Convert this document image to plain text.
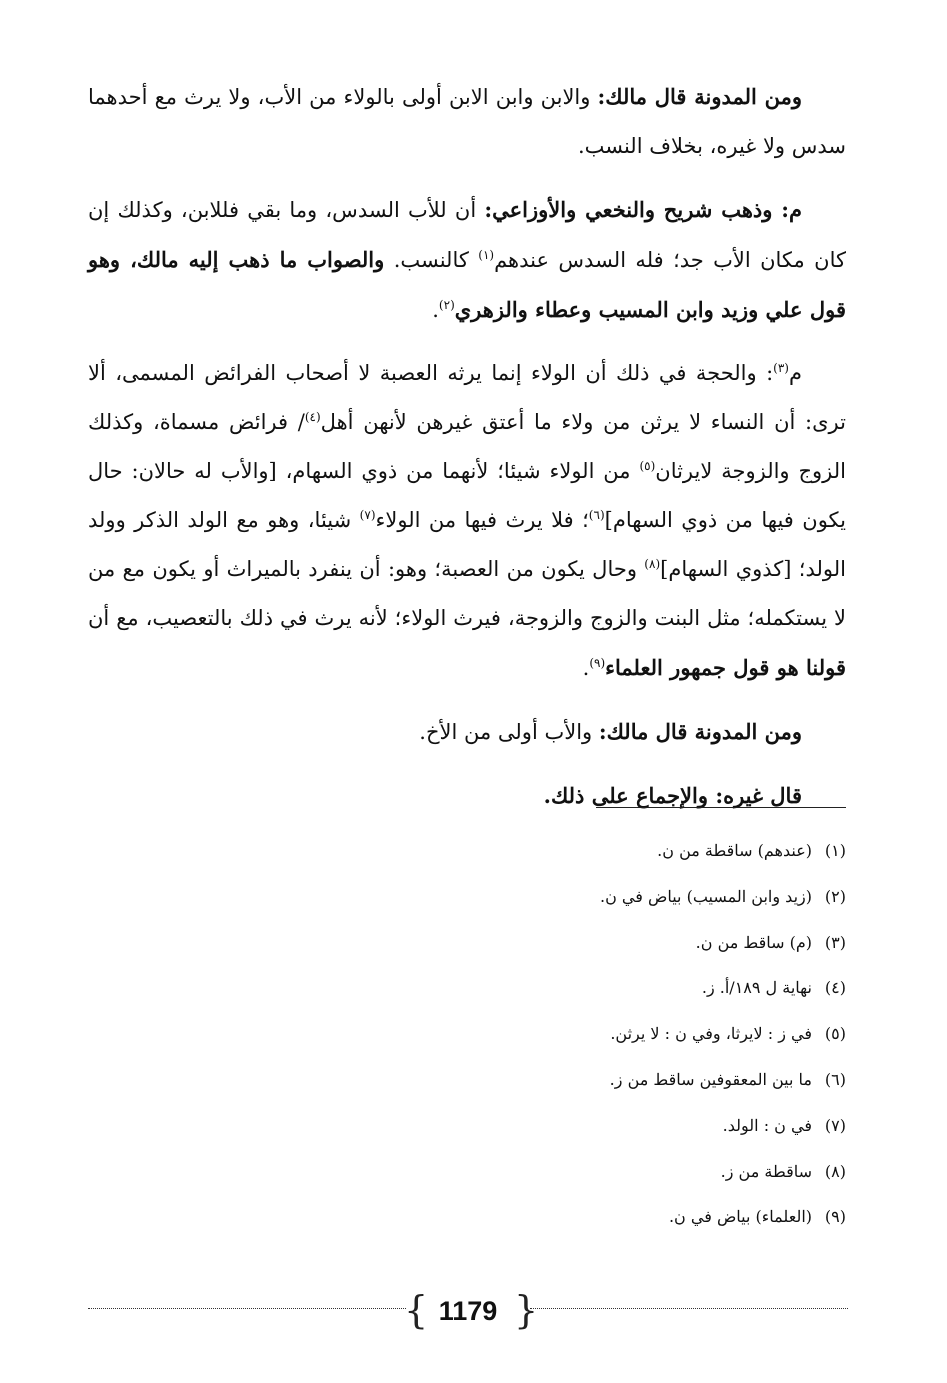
ومن المدونة قال مالك: والابن وابن الابن أولى بالولاء من الأب، ولا يرث مع أحدهما سدس ولا غيره، بخلاف النسب.

م: وذهب شريح والنخعي والأوزاعي: أن للأب السدس، وما بقي فللابن، وكذلك إن كان مكان الأب جد؛ فله السدس عندهم$^{(١)}$ كالنسب. والصواب ما ذهب إليه مالك، وهو قول علي وزيد وابن المسيب وعطاء والزهري$^{(٢)}$.

م$^{(٣)}$: والحجة في ذلك أن الولاء إنما يرثه العصبة لا أصحاب الفرائض المسمى، ألا ترى: أن النساء لا يرثن من ولاء ما أعتق غيرهن لأنهن أهل$^{(٤)}$/ فرائض مسماة، وكذلك الزوج والزوجة لايرثان$^{(٥)}$ من الولاء شيئا؛ لأنهما من ذوي السهام، [والأب له حالان: حال يكون فيها من ذوي السهام]$^{(٦)}$؛ فلا يرث فيها من الولاء$^{(٧)}$ شيئا، وهو مع الولد الذكر وولد الولد؛ [كذوي السهام]$^{(٨)}$ وحال يكون من العصبة؛ وهو: أن ينفرد بالميراث أو يكون مع من لا يستكمله؛ مثل البنت والزوج والزوجة، فيرث الولاء؛ لأنه يرث في ذلك بالتعصيب، مع أن قولنا هو قول جمهور العلماء$^{(٩)}$.

ومن المدونة قال مالك: والأب أولى من الأخ.

قال غيره: والإجماع على ذلك.

(١)(عندهم) ساقطة من ن.
(٢)(زيد وابن المسيب) بياض في ن.
(٣)(م) ساقط من ن.
(٤)نهاية ل ١٨٩/أ. ز.
(٥)في ز : لايرثا، وفي ن : لا يرثن.
(٦)ما بين المعقوفين ساقط من ز.
(٧)في ن : الولد.
(٨)ساقطة من ز.
(٩)(العلماء) بياض في ن.
{ }
1179
